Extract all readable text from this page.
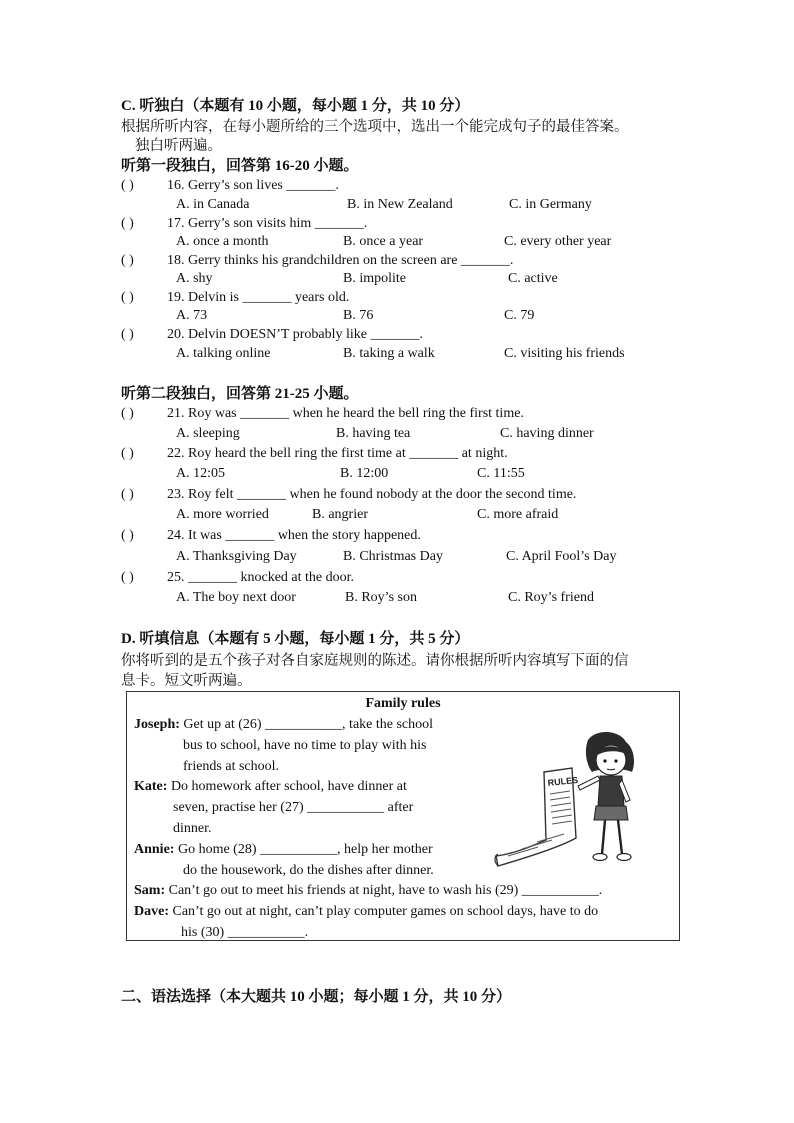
C. 听独白（本题有 10 小题，每小题 1 分，共 10 分）
根据所听内容，在每小题所给的三个选项中，选出一个能完成句子的最佳答案。
独白听两遍。
听第一段独白，回答第 16-20 小题。
( ) 16. Gerry’s son lives _______.
A. in Canada	B. in New Zealand	C. in Germany
( ) 17. Gerry’s son visits him _______.
A. once a month	B. once a year	C. every other year
( ) 18. Gerry thinks his grandchildren on the screen are _______.
A. shy	B. impolite	C. active
( ) 19. Delvin is _______ years old.
A. 73	B. 76	C. 79
( ) 20. Delvin DOESN’T probably like _______.
A. talking online	B. taking a walk	C. visiting his friends
听第二段独白，回答第 21-25 小题。
( ) 21. Roy was _______ when he heard the bell ring the first time.
A. sleeping	B. having tea	C. having dinner
( ) 22. Roy heard the bell ring the first time at _______ at night.
A. 12:05	B. 12:00	C. 11:55
( ) 23. Roy felt _______ when he found nobody at the door the second time.
A. more worried	B. angrier	C. more afraid
( ) 24. It was _______ when the story happened.
A. Thanksgiving Day	B. Christmas Day	C. April Fool’s Day
( ) 25. _______ knocked at the door.
A. The boy next door	B. Roy’s son	C. Roy’s friend
D. 听填信息（本题有 5 小题，每小题 1 分，共 5 分）
你将听到的是五个孩子对各自家庭规则的陈述。请你根据所听内容填写下面的信
息卡。短文听两遍。
Family rules
Joseph: Get up at (26) ___________, take the school
bus to school, have no time to play with his
friends at school.
Kate: Do homework after school, have dinner at
seven, practise her (27) ___________ after
dinner.
Annie: Go home (28) ___________, help her mother
do the housework, do the dishes after dinner.
Sam: Can’t go out to meet his friends at night, have to wash his (29) ___________.
Dave: Can’t go out at night, can’t play computer games on school days, have to do
his (30) ___________.
RULES
二、语法选择（本大题共 10 小题；每小题 1 分，共 10 分）
